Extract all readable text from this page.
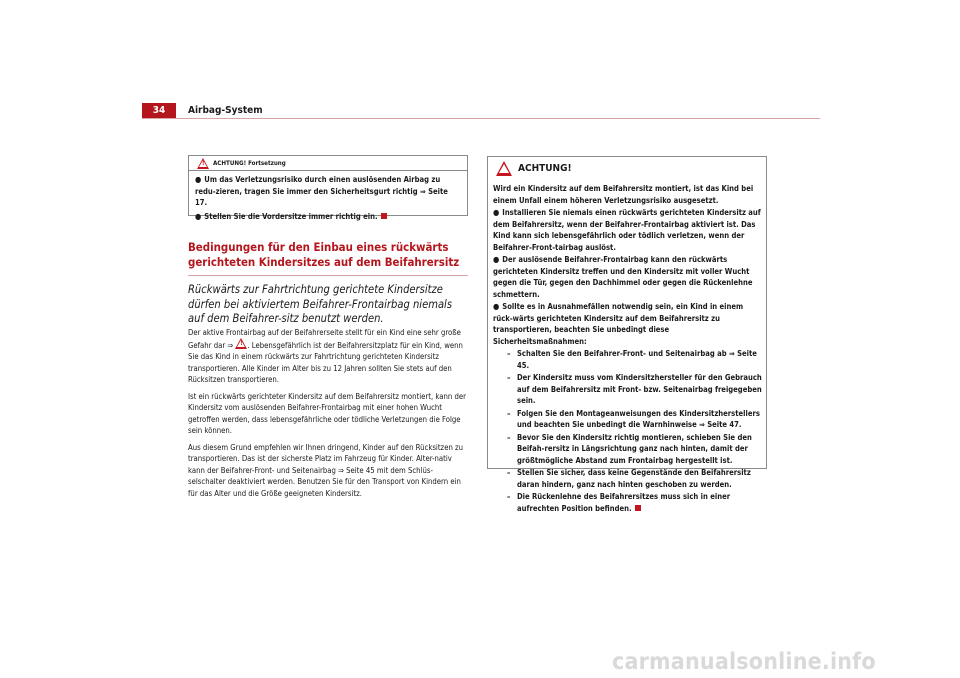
34	Airbag-System
! ACHTUNG! Fortsetzung

● Um das Verletzungsrisiko durch einen auslösenden Airbag zu redu-zieren, tragen Sie immer den Sicherheitsgurt richtig ⇒ Seite 17.

● Stellen Sie die Vordersitze immer richtig ein.

Bedingungen für den Einbau eines rückwärts gerichteten Kindersitzes auf dem Beifahrersitz
Rückwärts zur Fahrtrichtung gerichtete Kindersitze dürfen bei aktiviertem Beifahrer-Frontairbag niemals auf dem Beifahrer-sitz benutzt werden.

Der aktive Frontairbag auf der Beifahrerseite stellt für ein Kind eine sehr große Gefahr dar ⇒ ! . Lebensgefährlich ist der Beifahrersitzplatz für ein Kind, wenn Sie das Kind in einem rückwärts zur Fahrtrichtung gerichteten Kindersitz transportieren. Alle Kinder im Alter bis zu 12 Jahren sollten Sie stets auf den Rücksitzen transportieren.

Ist ein rückwärts gerichteter Kindersitz auf dem Beifahrersitz montiert, kann der Kindersitz vom auslösenden Beifahrer-Frontairbag mit einer hohen Wucht getroffen werden, dass lebensgefährliche oder tödliche Verletzungen die Folge sein können.

Aus diesem Grund empfehlen wir Ihnen dringend, Kinder auf den Rücksitzen zu transportieren. Das ist der sicherste Platz im Fahrzeug für Kinder. Alter-nativ kann der Beifahrer-Front- und Seitenairbag ⇒ Seite 45 mit dem Schlüs-selschalter deaktiviert werden. Benutzen Sie für den Transport von Kindern ein für das Alter und die Größe geeigneten Kindersitz.

ACHTUNG!

Wird ein Kindersitz auf dem Beifahrersitz montiert, ist das Kind bei einem Unfall einem höheren Verletzungsrisiko ausgesetzt.

● Installieren Sie niemals einen rückwärts gerichteten Kindersitz auf dem Beifahrersitz, wenn der Beifahrer-Frontairbag aktiviert ist. Das Kind kann sich lebensgefährlich oder tödlich verletzen, wenn der Beifahrer-Front-tairbag auslöst.

● Der auslösende Beifahrer-Frontairbag kann den rückwärts gerichteten Kindersitz treffen und den Kindersitz mit voller Wucht gegen die Tür, gegen den Dachhimmel oder gegen die Rückenlehne schmettern.

● Sollte es in Ausnahmefällen notwendig sein, ein Kind in einem rück-wärts gerichteten Kindersitz auf dem Beifahrersitz zu transportieren, beachten Sie unbedingt diese Sicherheitsmaßnahmen:

– Schalten Sie den Beifahrer-Front- und Seitenairbag ab ⇒ Seite 45.

– Der Kindersitz muss vom Kindersitzhersteller für den Gebrauch auf dem Beifahrersitz mit Front- bzw. Seitenairbag freigegeben sein.

– Folgen Sie den Montageanweisungen des Kindersitzherstellers und beachten Sie unbedingt die Warnhinweise ⇒ Seite 47.

– Bevor Sie den Kindersitz richtig montieren, schieben Sie den Beifah-rersitz in Längsrichtung ganz nach hinten, damit der größtmögliche Abstand zum Frontairbag hergestellt ist.

– Stellen Sie sicher, dass keine Gegenstände den Beifahrersitz daran hindern, ganz nach hinten geschoben zu werden.

– Die Rückenlehne des Beifahrersitzes muss sich in einer aufrechten Position befinden.

carmanualsonline.info
